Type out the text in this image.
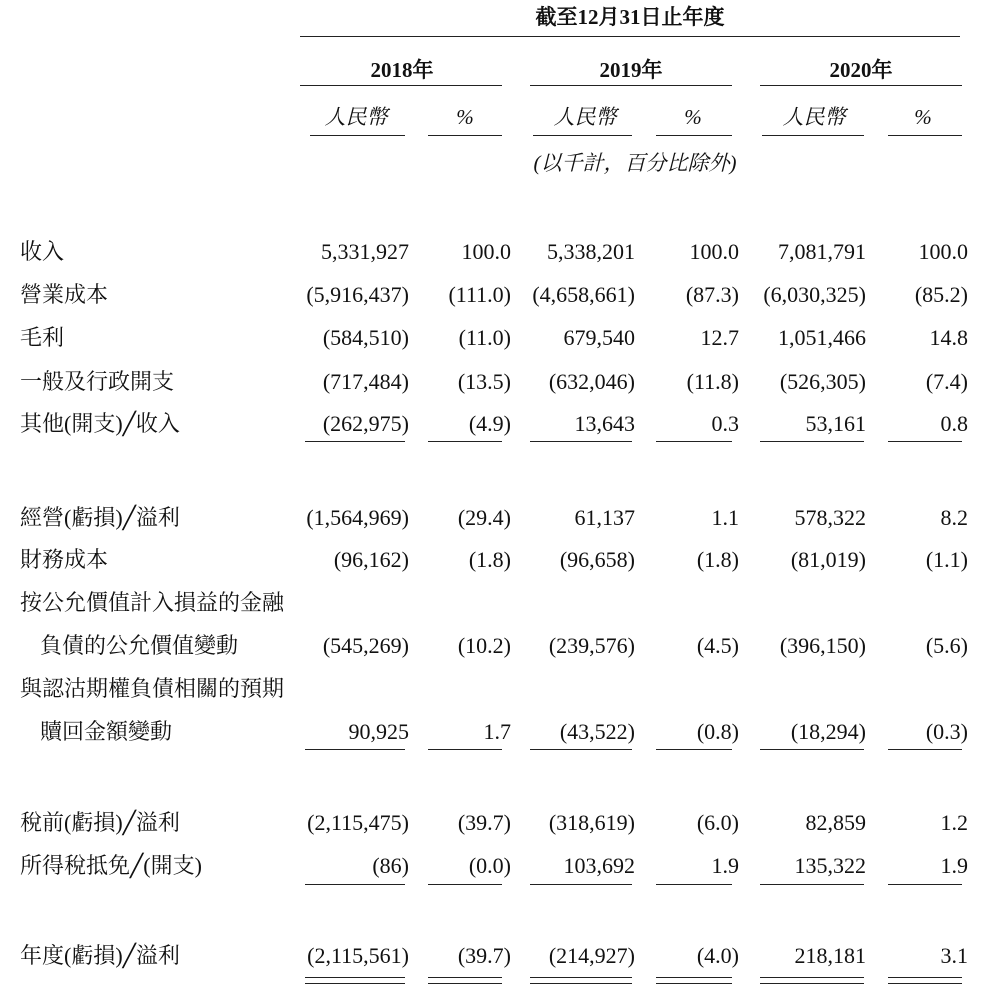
截至12月31日止年度
2018年	2019年	2020年
人民幣	%	人民幣	%	人民幣	%
(以千計，百分比除外)
收入	5,331,927	100.0	5,338,201	100.0	7,081,791	100.0
營業成本	(5,916,437)	(111.0) (4,658,661)	(87.3)	(6,030,325)	(85.2)
毛利	(584,510)	(11.0)	679,540	12.7	1,051,466	14.8
一般及行政開支	(717,484)	(13.5)	(632,046)	(11.8)	(526,305)	(7.4)
其他(開支)╱收入	(262,975)	(4.9)	13,643	0.3	53,161	0.8
經營(虧損)╱溢利	(1,564,969)	(29.4)	61,137	1.1	578,322	8.2
財務成本	(96,162)	(1.8)	(96,658)	(1.8)	(81,019)	(1.1)
按公允價值計入損益的金融
負債的公允價值變動	(545,269)	(10.2)	(239,576)	(4.5)	(396,150)	(5.6)
與認沽期權負債相關的預期
贖回金額變動	90,925	1.7	(43,522)	(0.8)	(18,294)	(0.3)
稅前(虧損)╱溢利	(2,115,475)	(39.7)	(318,619)	(6.0)	82,859	1.2
所得稅抵免╱(開支)	(86)	(0.0)	103,692	1.9	135,322	1.9
年度(虧損)╱溢利	(2,115,561)	(39.7)	(214,927)	(4.0)	218,181	3.1
